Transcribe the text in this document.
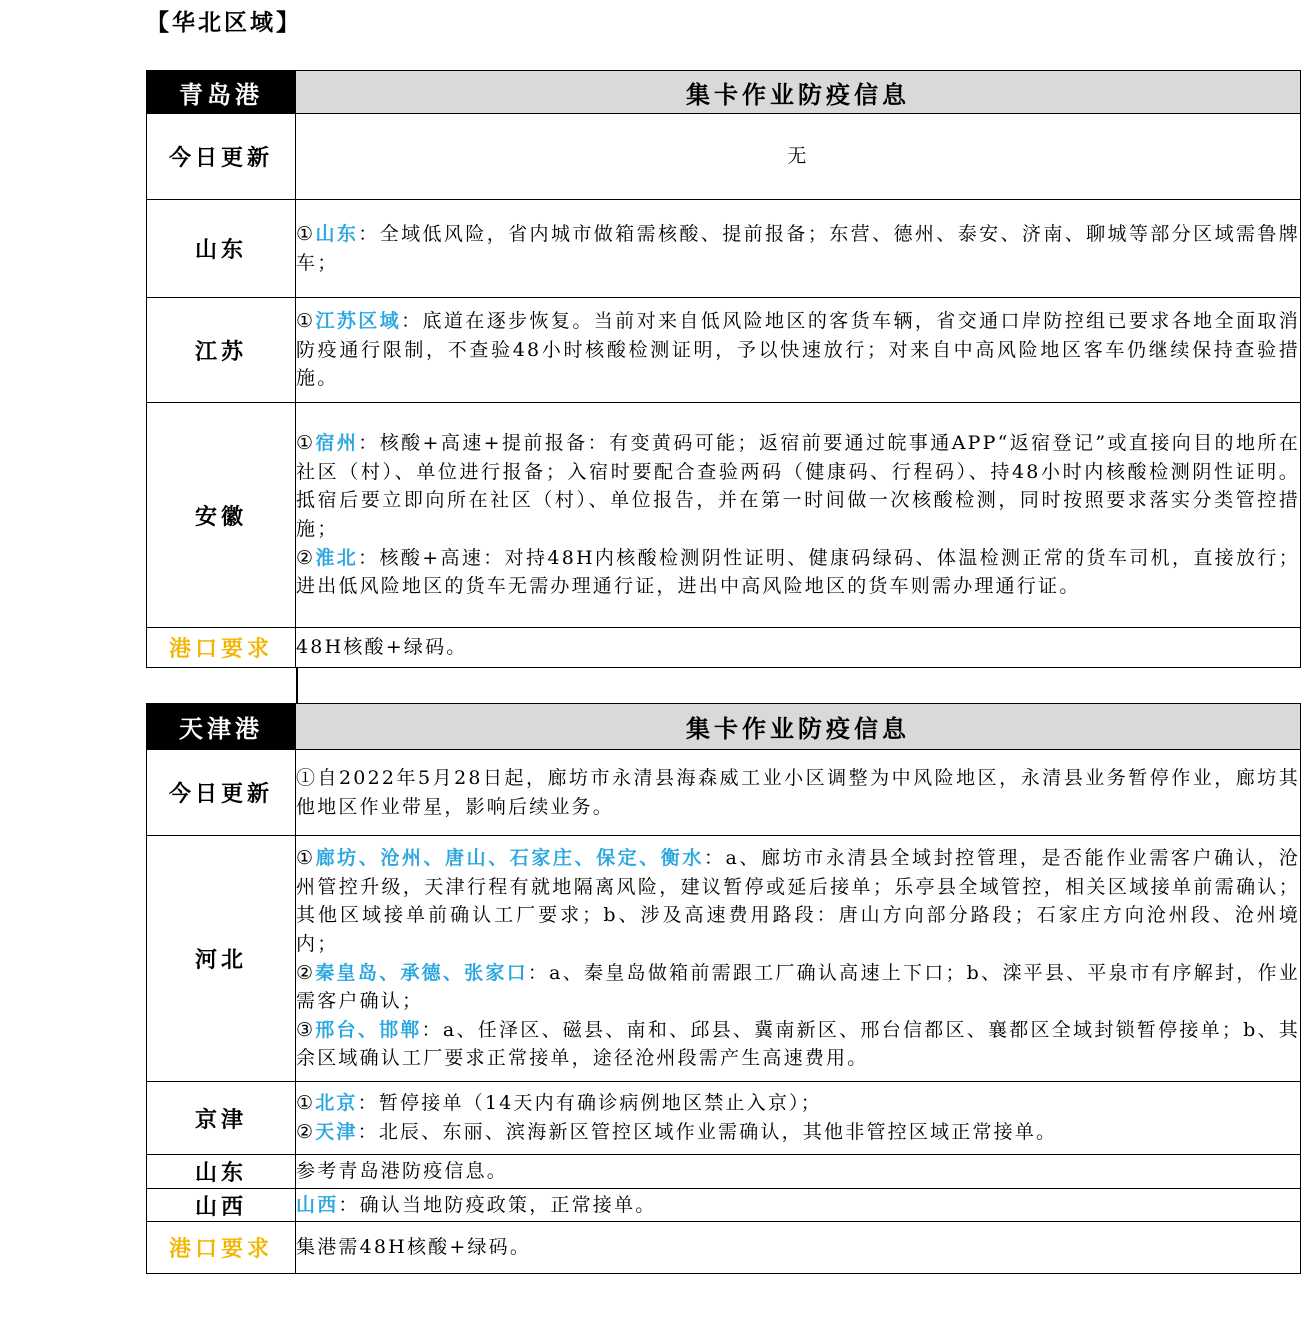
【华北区域】
青岛港	集卡作业防疫信息
今日更新	无
山东	①山东：全域低风险，省内城市做箱需核酸、提前报备；东营、德州、泰安、济南、聊城等部分区域需鲁牌车；
江苏	①江苏区域：底道在逐步恢复。当前对来自低风险地区的客货车辆，省交通口岸防控组已要求各地全面取消防疫通行限制，不查验48小时核酸检测证明，予以快速放行；对来自中高风险地区客车仍继续保持查验措施。
安徽	①宿州：核酸+高速+提前报备：有变黄码可能；返宿前要通过皖事通APP“返宿登记”或直接向目的地所在社区（村）、单位进行报备；入宿时要配合查验两码（健康码、行程码）、持48小时内核酸检测阴性证明。抵宿后要立即向所在社区（村）、单位报告，并在第一时间做一次核酸检测，同时按照要求落实分类管控措施；
②淮北：核酸+高速：对持48H内核酸检测阴性证明、健康码绿码、体温检测正常的货车司机，直接放行；进出低风险地区的货车无需办理通行证，进出中高风险地区的货车则需办理通行证。
港口要求	48H核酸+绿码。
天津港	集卡作业防疫信息
今日更新	①自2022年5月28日起，廊坊市永清县海森威工业小区调整为中风险地区，永清县业务暂停作业，廊坊其他地区作业带星，影响后续业务。
河北	①廊坊、沧州、唐山、石家庄、保定、衡水：a、廊坊市永清县全域封控管理，是否能作业需客户确认，沧州管控升级，天津行程有就地隔离风险，建议暂停或延后接单；乐亭县全域管控，相关区域接单前需确认；其他区域接单前确认工厂要求；b、涉及高速费用路段：唐山方向部分路段；石家庄方向沧州段、沧州境内；
②秦皇岛、承德、张家口：a、秦皇岛做箱前需跟工厂确认高速上下口；b、滦平县、平泉市有序解封，作业需客户确认；
③邢台、邯郸：a、任泽区、磁县、南和、邱县、冀南新区、邢台信都区、襄都区全域封锁暂停接单；b、其余区域确认工厂要求正常接单，途径沧州段需产生高速费用。
京津	①北京：暂停接单（14天内有确诊病例地区禁止入京）；
②天津：北辰、东丽、滨海新区管控区域作业需确认，其他非管控区域正常接单。
山东	参考青岛港防疫信息。
山西	山西：确认当地防疫政策，正常接单。
港口要求	集港需48H核酸+绿码。
